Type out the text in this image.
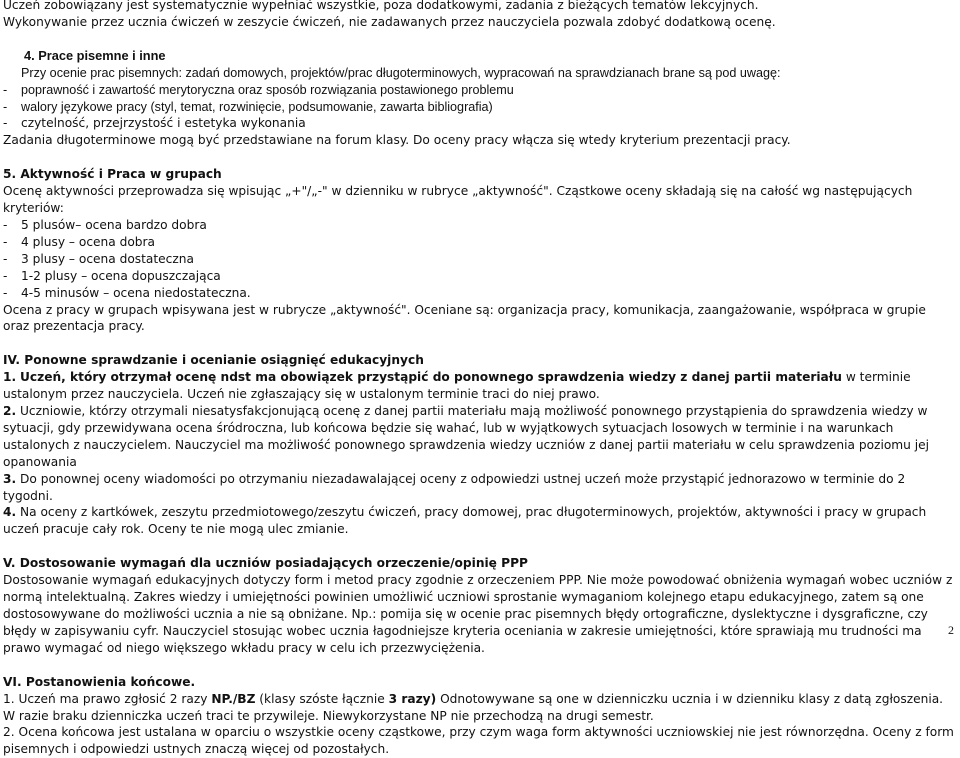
Uczeń zobowiązany jest systematycznie wypełniać wszystkie, poza dodatkowymi, zadania z bieżących tematów lekcyjnych.

Wykonywanie przez ucznia ćwiczeń w zeszycie ćwiczeń, nie zadawanych przez nauczyciela pozwala zdobyć dodatkową ocenę.

4. Prace pisemne i inne

Przy ocenie prac pisemnych: zadań domowych, projektów/prac długoterminowych, wypracowań na sprawdzianach brane są pod uwagę:

- poprawność i zawartość merytoryczna oraz sposób rozwiązania postawionego problemu

- walory językowe pracy (styl, temat, rozwinięcie, podsumowanie, zawarta bibliografia)

- czytelność, przejrzystość i estetyka wykonania

Zadania długoterminowe mogą być przedstawiane na forum klasy. Do oceny pracy włącza się wtedy kryterium prezentacji pracy.

5. Aktywność i Praca w grupach

Ocenę aktywności przeprowadza się wpisując „+"/„-" w dzienniku w rubryce „aktywność". Cząstkowe oceny składają się na całość wg następujących kryteriów:

- 5 plusów– ocena bardzo dobra

- 4 plusy – ocena dobra

- 3 plusy – ocena dostateczna

- 1-2 plusy – ocena dopuszczająca

- 4-5 minusów – ocena niedostateczna.

Ocena z pracy w grupach wpisywana jest w rubrycze „aktywność". Oceniane są: organizacja pracy, komunikacja, zaangażowanie, współpraca w grupie oraz prezentacja pracy.

IV. Ponowne sprawdzanie i ocenianie osiągnięć edukacyjnych

1. Uczeń, który otrzymał ocenę ndst ma obowiązek przystąpić do ponownego sprawdzenia wiedzy z danej partii materiału w terminie ustalonym przez nauczyciela. Uczeń nie zgłaszający się w ustalonym terminie traci do niej prawo.

2. Uczniowie, którzy otrzymali niesatysfakcjonującą ocenę z danej partii materiału mają możliwość ponownego przystąpienia do sprawdzenia wiedzy w sytuacji, gdy przewidywana ocena śródroczna, lub końcowa będzie się wahać, lub w wyjątkowych sytuacjach losowych w terminie i na warunkach ustalonych z nauczycielem. Nauczyciel ma możliwość ponownego sprawdzenia wiedzy uczniów z danej partii materiału w celu sprawdzenia poziomu jej opanowania

3. Do ponownej oceny wiadomości po otrzymaniu niezadawalającej oceny z odpowiedzi ustnej uczeń może przystąpić jednorazowo w terminie do 2 tygodni.

4. Na oceny z kartkówek, zeszytu przedmiotowego/zeszytu ćwiczeń, pracy domowej, prac długoterminowych, projektów, aktywności i pracy w grupach uczeń pracuje cały rok. Oceny te nie mogą ulec zmianie.

V. Dostosowanie wymagań dla uczniów posiadających orzeczenie/opinię PPP

Dostosowanie wymagań edukacyjnych dotyczy form i metod pracy zgodnie z orzeczeniem PPP. Nie może powodować obniżenia wymagań wobec uczniów z normą intelektualną. Zakres wiedzy i umiejętności powinien umożliwić uczniowi sprostanie wymaganiom kolejnego etapu edukacyjnego, zatem są one dostosowywane do możliwości ucznia a nie są obniżane. Np.: pomija się w ocenie prac pisemnych błędy ortograficzne, dyslektyczne i dysgraficzne, czy błędy w zapisywaniu cyfr. Nauczyciel stosując wobec ucznia łagodniejsze kryteria oceniania w zakresie umiejętności, które sprawiają mu trudności ma prawo wymagać od niego większego wkładu pracy w celu ich przezwyciężenia.

VI. Postanowienia końcowe.

1. Uczeń ma prawo zgłosić 2 razy NP./BZ (klasy szóste łącznie 3 razy) Odnotowywane są one w dzienniczku ucznia i w dzienniku klasy z datą zgłoszenia. W razie braku dzienniczka uczeń traci te przywileje. Niewykorzystane NP nie przechodzą na drugi semestr.

2. Ocena końcowa jest ustalana w oparciu o wszystkie oceny cząstkowe, przy czym waga form aktywności uczniowskiej nie jest równorzędna. Oceny z form pisemnych i odpowiedzi ustnych znaczą więcej od pozostałych.

2
